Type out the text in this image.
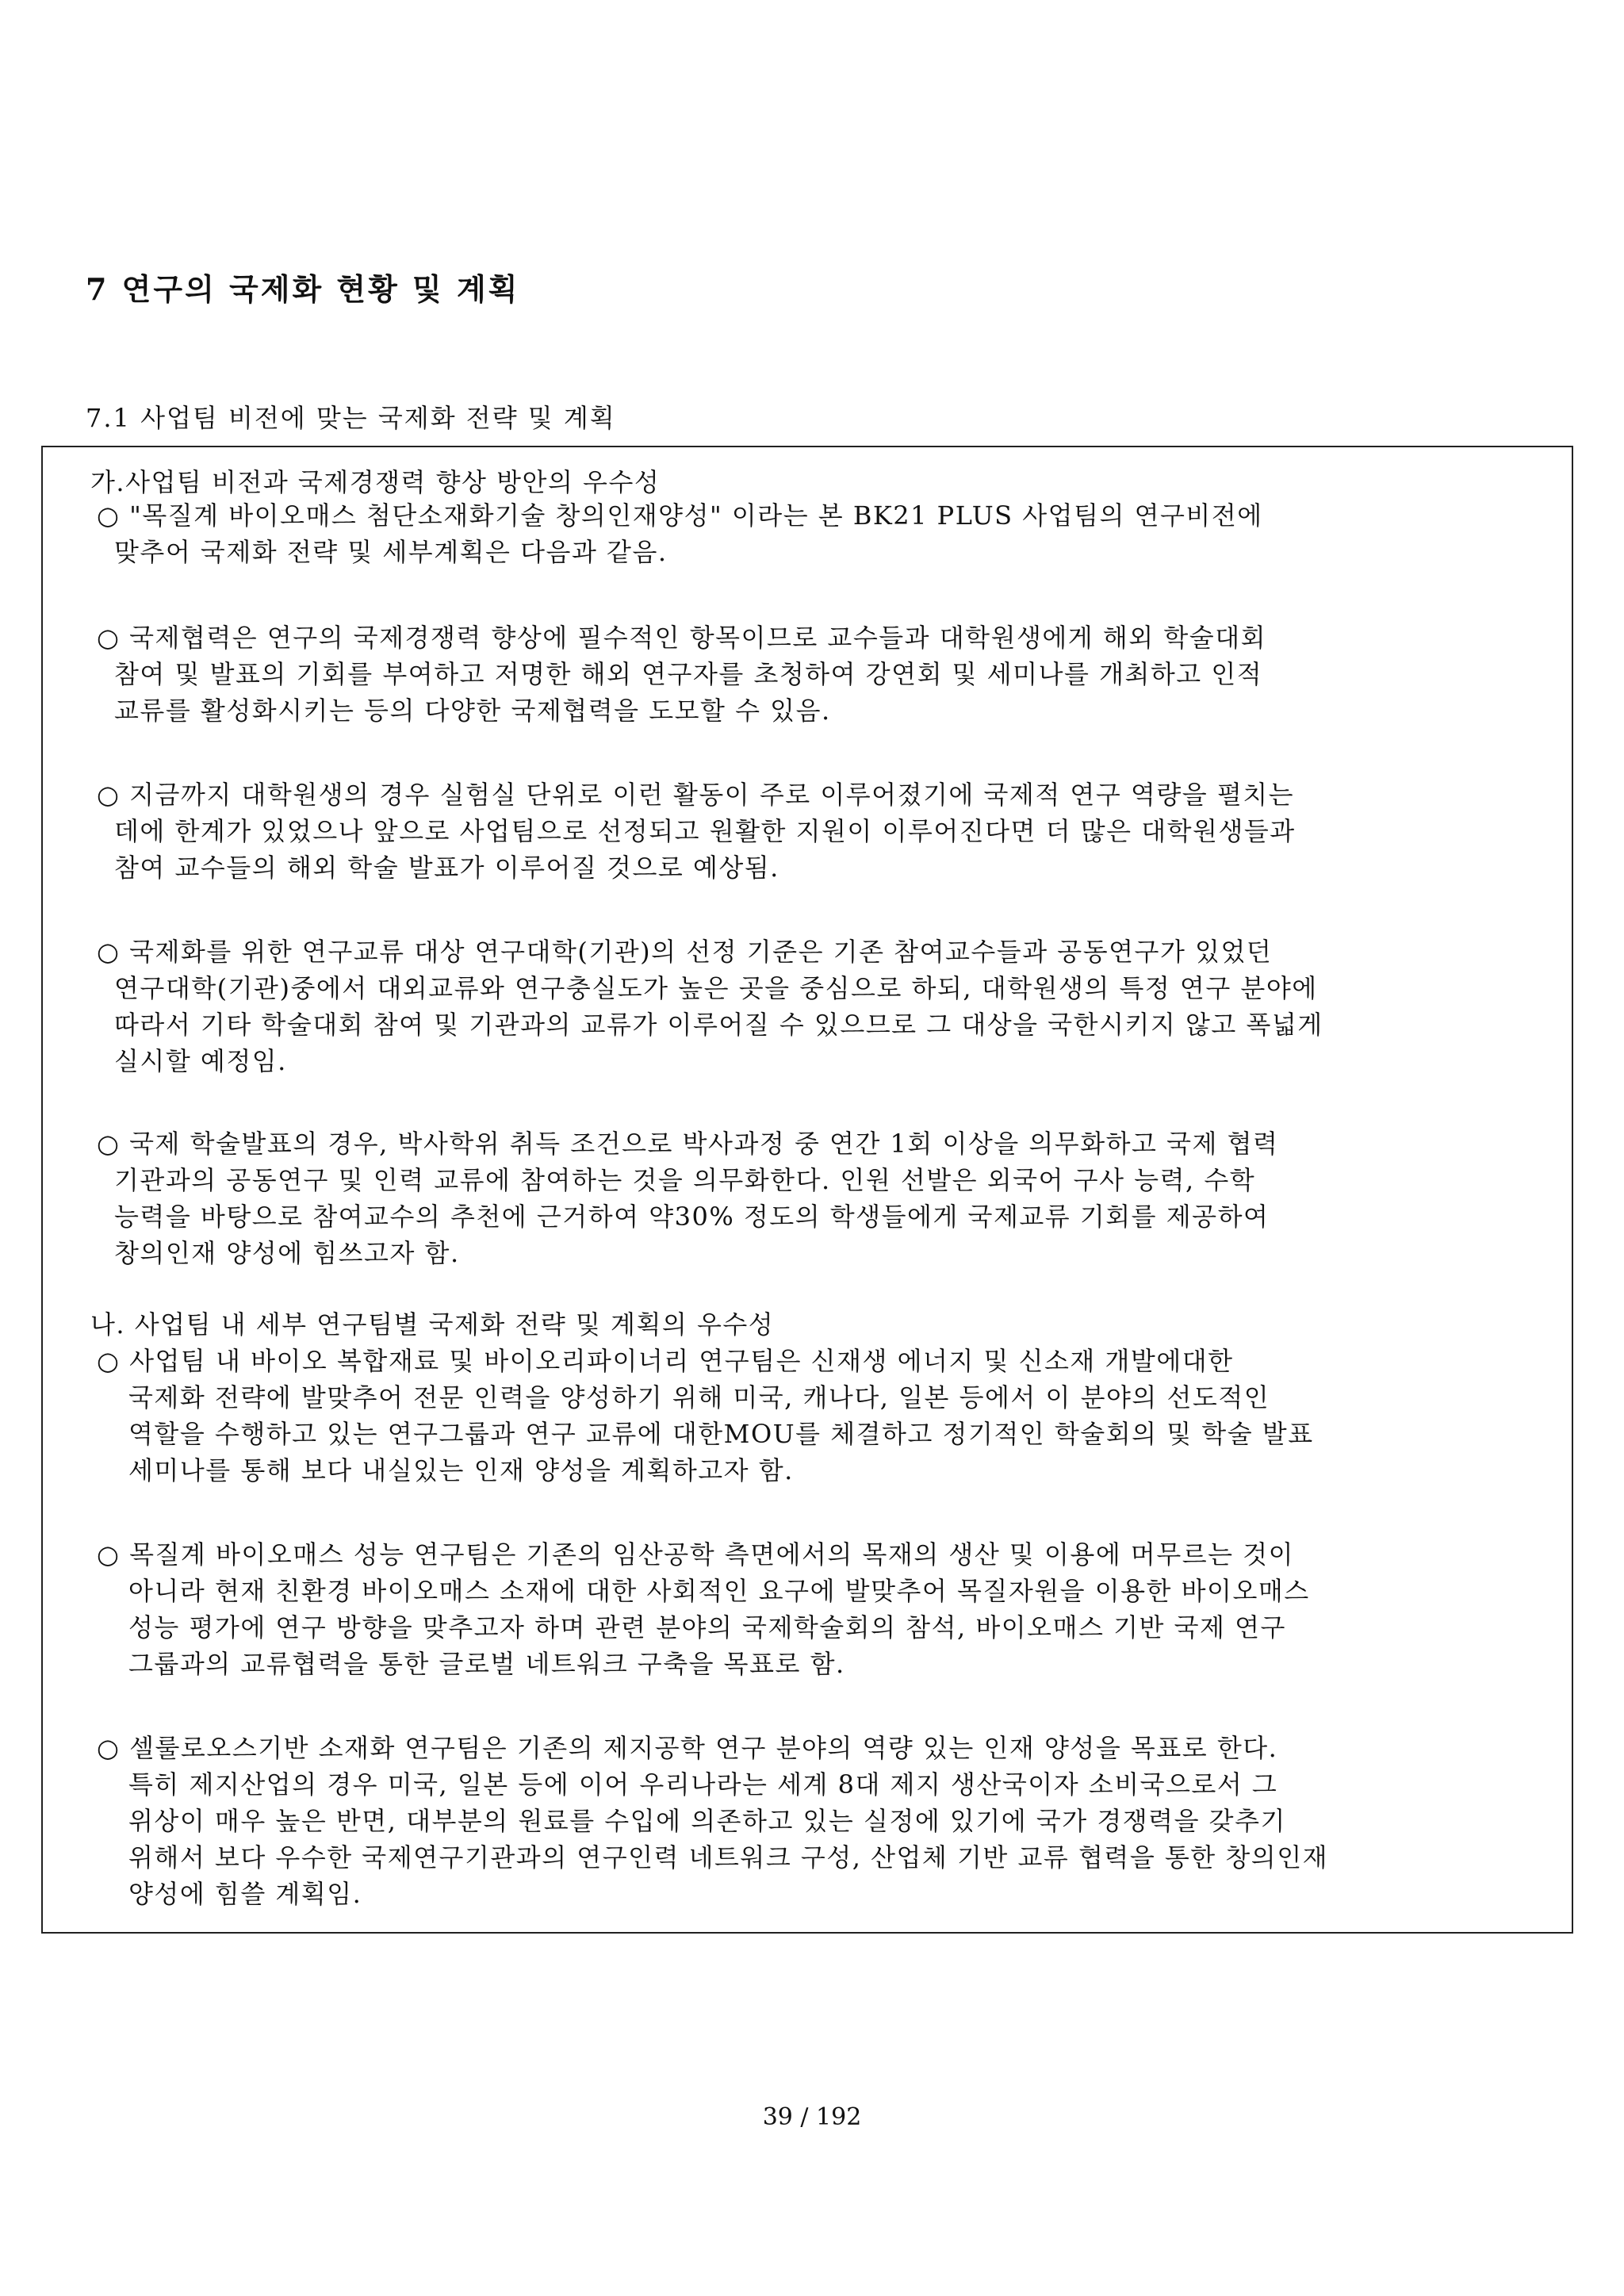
7 연구의 국제화 현황 및 계획
7.1 사업팀 비전에 맞는 국제화 전략 및 계획
가.사업팀 비전과 국제경쟁력 향상 방안의 우수성
○ "목질계 바이오매스 첨단소재화기술 창의인재양성" 이라는 본 BK21 PLUS 사업팀의 연구비전에
맞추어 국제화 전략 및 세부계획은 다음과 같음.
○ 국제협력은 연구의 국제경쟁력 향상에 필수적인 항목이므로 교수들과 대학원생에게 해외 학술대회
참여 및 발표의 기회를 부여하고 저명한 해외 연구자를 초청하여 강연회 및 세미나를 개최하고 인적
교류를 활성화시키는 등의 다양한 국제협력을 도모할 수 있음.
○ 지금까지 대학원생의 경우 실험실 단위로 이런 활동이 주로 이루어졌기에 국제적 연구 역량을 펼치는
데에 한계가 있었으나 앞으로 사업팀으로 선정되고 원활한 지원이 이루어진다면 더 많은 대학원생들과
참여 교수들의 해외 학술 발표가 이루어질 것으로 예상됨.
○ 국제화를 위한 연구교류 대상 연구대학(기관)의 선정 기준은 기존 참여교수들과 공동연구가 있었던
연구대학(기관)중에서 대외교류와 연구충실도가 높은 곳을 중심으로 하되, 대학원생의 특정 연구 분야에
따라서 기타 학술대회 참여 및 기관과의 교류가 이루어질 수 있으므로 그 대상을 국한시키지 않고 폭넓게
실시할 예정임.
○ 국제 학술발표의 경우, 박사학위 취득 조건으로 박사과정 중 연간 1회 이상을 의무화하고 국제 협력
기관과의 공동연구 및 인력 교류에 참여하는 것을 의무화한다. 인원 선발은 외국어 구사 능력, 수학
능력을 바탕으로 참여교수의 추천에 근거하여 약30% 정도의 학생들에게 국제교류 기회를 제공하여
창의인재 양성에 힘쓰고자 함.
나. 사업팀 내 세부 연구팀별 국제화 전략 및 계획의 우수성
○ 사업팀 내 바이오 복합재료 및 바이오리파이너리 연구팀은 신재생 에너지 및 신소재 개발에대한
국제화 전략에 발맞추어 전문 인력을 양성하기 위해 미국, 캐나다, 일본 등에서 이 분야의 선도적인
역할을 수행하고 있는 연구그룹과 연구 교류에 대한MOU를 체결하고 정기적인 학술회의 및 학술 발표
세미나를 통해 보다 내실있는 인재 양성을 계획하고자 함.
○ 목질계 바이오매스 성능 연구팀은 기존의 임산공학 측면에서의 목재의 생산 및 이용에 머무르는 것이
아니라 현재 친환경 바이오매스 소재에 대한 사회적인 요구에 발맞추어 목질자원을 이용한 바이오매스
성능 평가에 연구 방향을 맞추고자 하며 관련 분야의 국제학술회의 참석, 바이오매스 기반 국제 연구
그룹과의 교류협력을 통한 글로벌 네트워크 구축을 목표로 함.
○ 셀룰로오스기반 소재화 연구팀은 기존의 제지공학 연구 분야의 역량 있는 인재 양성을 목표로 한다.
특히 제지산업의 경우 미국, 일본 등에 이어 우리나라는 세계 8대 제지 생산국이자 소비국으로서 그
위상이 매우 높은 반면, 대부분의 원료를 수입에 의존하고 있는 실정에 있기에 국가 경쟁력을 갖추기
위해서 보다 우수한 국제연구기관과의 연구인력 네트워크 구성, 산업체 기반 교류 협력을 통한 창의인재
양성에 힘쓸 계획임.
39 / 192
